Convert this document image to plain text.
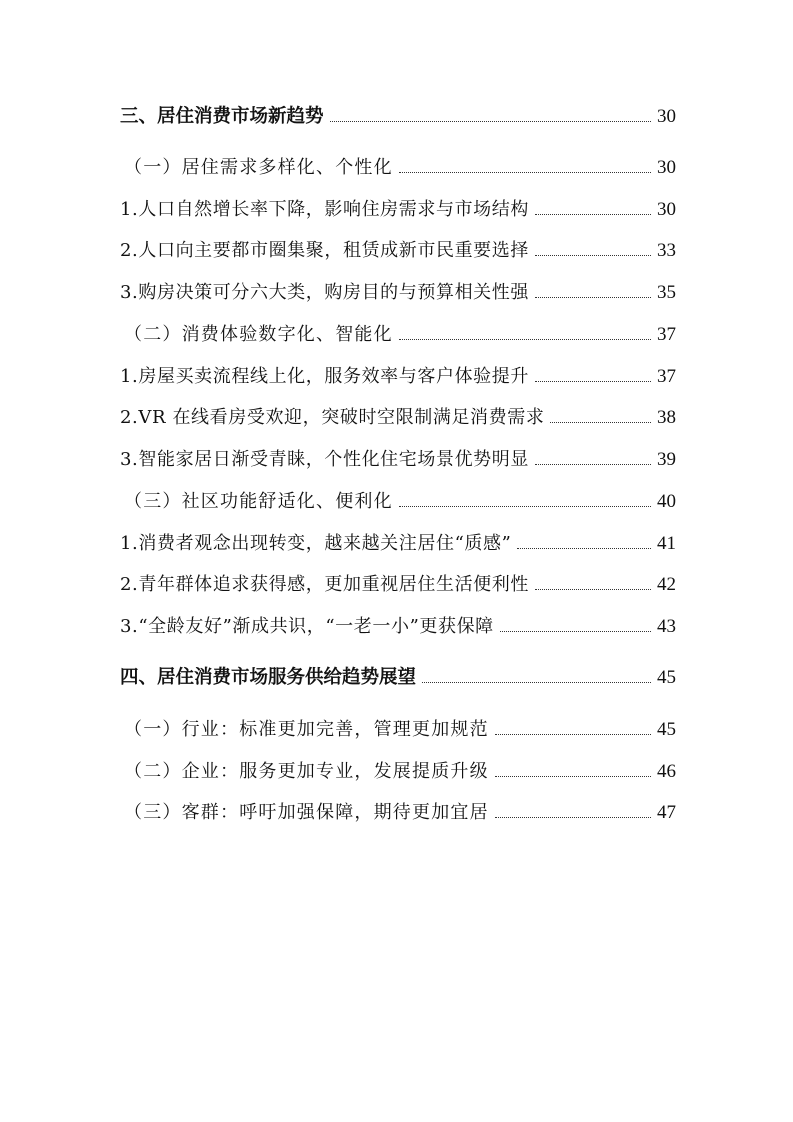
三、居住消费市场新趋势	30
（一）居住需求多样化、个性化	30
1.人口自然增长率下降，影响住房需求与市场结构	30
2.人口向主要都市圈集聚，租赁成新市民重要选择	33
3.购房决策可分六大类，购房目的与预算相关性强	35
（二）消费体验数字化、智能化	37
1.房屋买卖流程线上化，服务效率与客户体验提升	37
2.VR 在线看房受欢迎，突破时空限制满足消费需求	38
3.智能家居日渐受青睐，个性化住宅场景优势明显	39
（三）社区功能舒适化、便利化	40
1.消费者观念出现转变，越来越关注居住“质感”	41
2.青年群体追求获得感，更加重视居住生活便利性	42
3.“全龄友好”渐成共识，“一老一小”更获保障	43
四、居住消费市场服务供给趋势展望	45
（一）行业：标准更加完善，管理更加规范	45
（二）企业：服务更加专业，发展提质升级	46
（三）客群：呼吁加强保障，期待更加宜居	47
